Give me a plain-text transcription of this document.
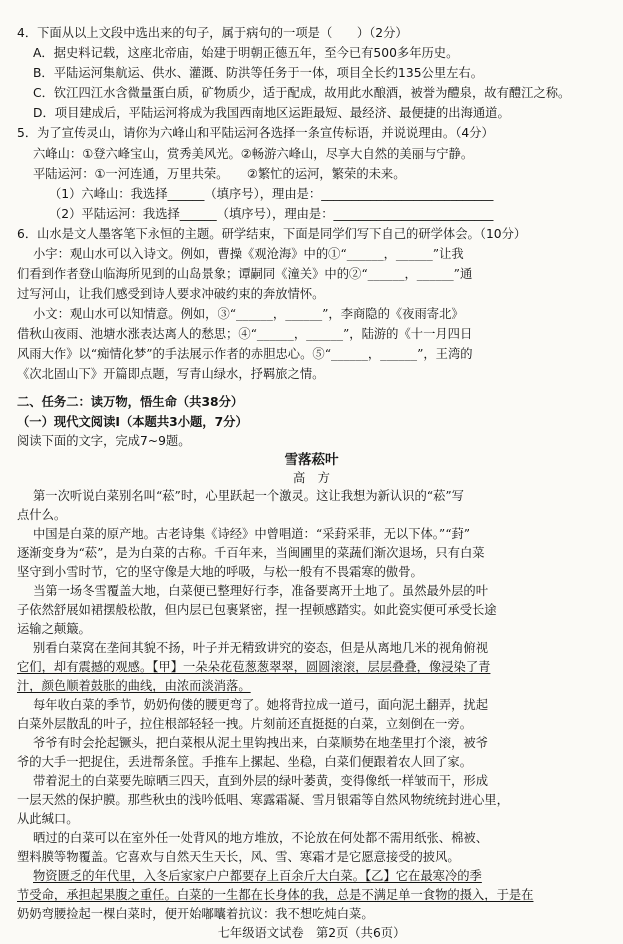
4．下面从以上文段中选出来的句子，属于病句的一项是（　　）（2分）

A．据史料记载，这座北帝庙，始建于明朝正德五年，至今已有500多年历史。

B．平陆运河集航运、供水、灌溉、防洪等任务于一体，项目全长约135公里左右。

C．钦江四江水含微量蛋白质，矿物质少，适于配成，故用此水酿酒，被誉为醴泉，故有醴江之称。

D．项目建成后，平陆运河将成为我国西南地区运距最短、最经济、最便捷的出海通道。

5．为了宣传灵山，请你为六峰山和平陆运河各选择一条宣传标语，并说说理由。（4分）

六峰山：①登六峰宝山，赏秀美风光。②畅游六峰山，尽享大自然的美丽与宁静。

平陆运河：①一河连通，万里共荣。　　②繁忙的运河，繁荣的未来。

（1）六峰山：我选择______（填序号），理由是：____________________________

（2）平陆运河：我选择______（填序号），理由是：__________________________

6．山水是文人墨客笔下永恒的主题。研学结束，下面是同学们写下自己的研学体会。（10分）

小宇：观山水可以入诗文。例如，曹操《观沧海》中的①“______，______”让我

们看到作者登山临海所见到的山岛景象；谭嗣同《潼关》中的②“______，______”通

过写河山，让我们感受到诗人要求冲破约束的奔放情怀。

小文：观山水可以知情意。例如，③“______，______”，李商隐的《夜雨寄北》

借秋山夜雨、池塘水涨表达离人的愁思；④“______，______”，陆游的《十一月四日

风雨大作》以“痴情化梦”的手法展示作者的赤胆忠心。⑤“______，______”，王湾的

《次北固山下》开篇即点题，写青山绿水，抒羁旅之情。

二、任务二：读万物，悟生命（共38分）

（一）现代文阅读Ⅰ（本题共3小题，7分）

阅读下面的文字，完成7~9题。

雪落菘叶

高　方

第一次听说白菜别名叫“菘”时，心里跃起一个激灵。这让我想为新认识的“菘”写

点什么。

中国是白菜的原产地。古老诗集《诗经》中曾唱道：“采葑采菲，无以下体。”“葑”

逐渐变身为“菘”，是为白菜的古称。千百年来，当闽圃里的菜蔬们渐次退场，只有白菜

坚守到小雪时节，它的坚守像是大地的呼吸，与松一般有不畏霜寒的傲骨。

当第一场冬雪覆盖大地，白菜便已整理好行李，准备要离开土地了。虽然最外层的叶

子依然舒展如裙摆般松散，但内层已包裹紧密，捏一捏顿感踏实。如此瓷实便可承受长途

运输之颠簸。

别看白菜窝在垄间其貌不扬，叶子并无精致讲究的姿态，但是从离地几米的视角俯视

它们，却有震撼的观感。【甲】一朵朵花苞葱葱翠翠，圆圆滚滚，层层叠叠，像浸染了青

汁，颜色顺着鼓胀的曲线，由浓而淡消落。

每年收白菜的季节，奶奶佝偻的腰更弯了。她将背拉成一道弓，面向泥土翻弄，扰起

白菜外层散乱的叶子，拉住根部轻轻一拽。片刻前还直挺挺的白菜，立刻倒在一旁。

爷爷有时会抡起镢头，把白菜根从泥土里钩拽出来，白菜顺势在地垄里打个滚，被爷

爷的大手一把捉住，丢进帮条筐。手推车上摞起、坐稳，白菜们便跟着农人回了家。

带着泥土的白菜要先晾晒三四天，直到外层的绿叶萎黄，变得像纸一样皱而干，形成

一层天然的保护膜。那些秋虫的浅吟低唱、寒露霜凝、雪月银霜等自然风物统统封进心里，

从此缄口。

晒过的白菜可以在室外任一处背风的地方堆放，不论放在何处都不需用纸张、棉被、

塑料膜等物覆盖。它喜欢与自然天生天长，风、雪、寒霜才是它愿意接受的披风。

物资匮乏的年代里，入冬后家家户户都要存上百余斤大白菜。【乙】它在最寒冷的季

节受命，承担起果腹之重任。白菜的一生都在长身体的我，总是不满足单一食物的摄入，于是在

奶奶弯腰捡起一棵白菜时，便开始嘟囔着抗议：我不想吃炖白菜。

七年级语文试卷　第2页（共6页）
